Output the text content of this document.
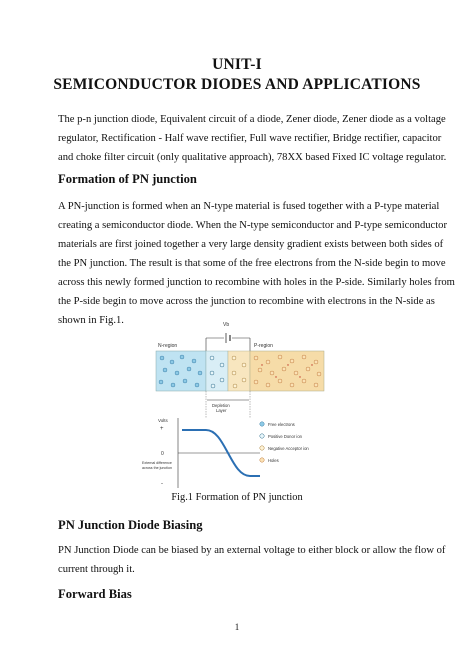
UNIT-I
SEMICONDUCTOR DIODES AND APPLICATIONS
The p-n junction diode, Equivalent circuit of a diode, Zener diode, Zener diode as a voltage
regulator, Rectification - Half wave rectifier, Full wave rectifier, Bridge rectifier, capacitor
and choke filter circuit (only qualitative approach), 78XX based Fixed IC voltage regulator.
Formation of PN junction
A PN-junction is formed when an N-type material is fused together with a P-type material
creating a semiconductor diode. When the N-type semiconductor and P-type semiconductor
materials are first joined together a very large density gradient exists between both sides of
the PN junction. The result is that some of the free electrons from the N-side begin to move
across this newly formed junction to recombine with holes in the P-side. Similarly holes from
the P-side begin to move across the junction to recombine with electrons in the N-side as
shown in Fig.1.	Vb
N-region	P-region
Depletion
Layer
Volts
+
0
-
External difference
across the junction
Free electrons
Positive Donor ion
Negative Acceptor ion
Holes
Fig.1 Formation of PN junction
PN Junction Diode Biasing
PN Junction Diode can be biased by an external voltage to either block or allow the flow of
current through it.
Forward Bias
1
